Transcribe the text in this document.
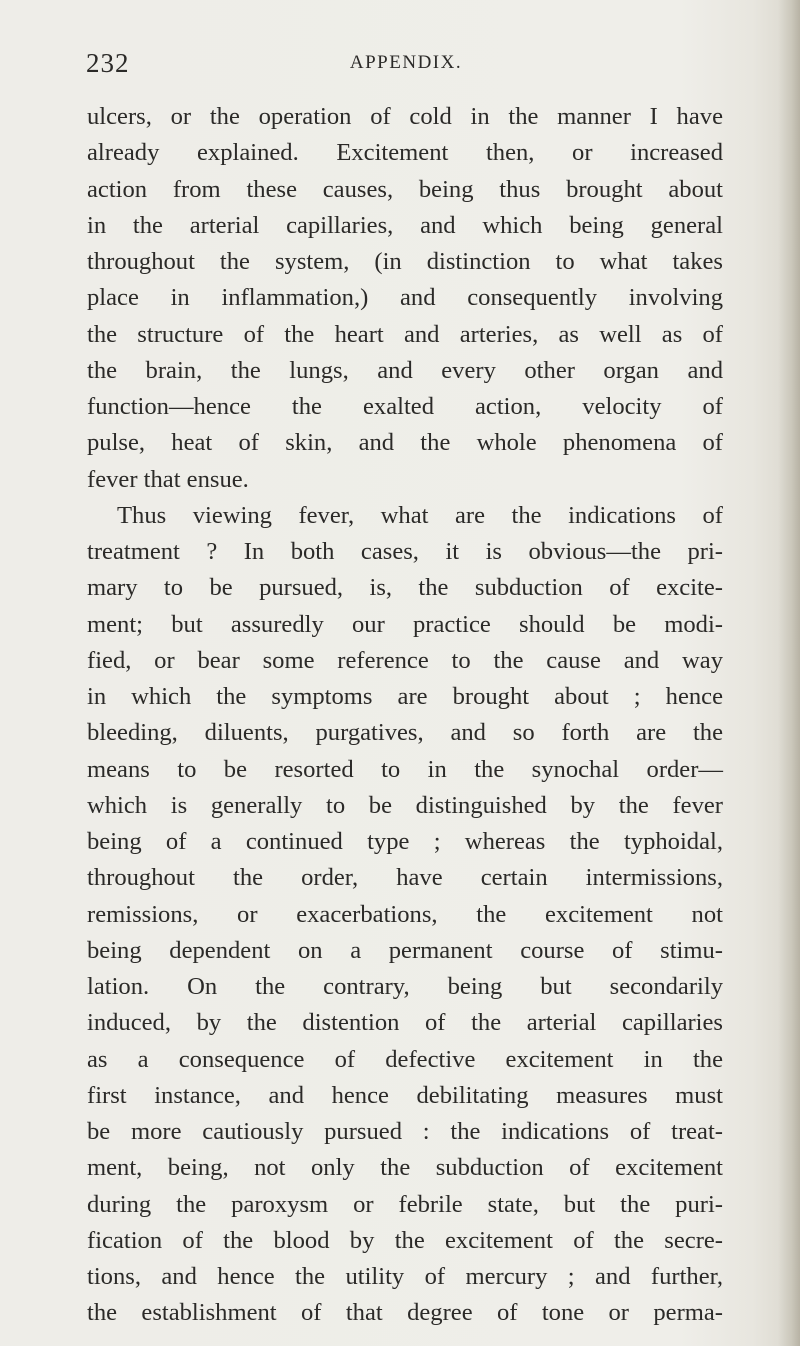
232	APPENDIX.
ulcers, or the operation of cold in the manner I have
already explained. Excitement then, or increased
action from these causes, being thus brought about
in the arterial capillaries, and which being general
throughout the system, (in distinction to what takes
place in inflammation,) and consequently involving
the structure of the heart and arteries, as well as of
the brain, the lungs, and every other organ and
function—hence the exalted action, velocity of
pulse, heat of skin, and the whole phenomena of
fever that ensue.
Thus viewing fever, what are the indications of
treatment ? In both cases, it is obvious—the pri-
mary to be pursued, is, the subduction of excite-
ment; but assuredly our practice should be modi-
fied, or bear some reference to the cause and way
in which the symptoms are brought about ; hence
bleeding, diluents, purgatives, and so forth are the
means to be resorted to in the synochal order—
which is generally to be distinguished by the fever
being of a continued type ; whereas the typhoidal,
throughout the order, have certain intermissions,
remissions, or exacerbations, the excitement not
being dependent on a permanent course of stimu-
lation. On the contrary, being but secondarily
induced, by the distention of the arterial capillaries
as a consequence of defective excitement in the
first instance, and hence debilitating measures must
be more cautiously pursued : the indications of treat-
ment, being, not only the subduction of excitement
during the paroxysm or febrile state, but the puri-
fication of the blood by the excitement of the secre-
tions, and hence the utility of mercury ; and further,
the establishment of that degree of tone or perma-
